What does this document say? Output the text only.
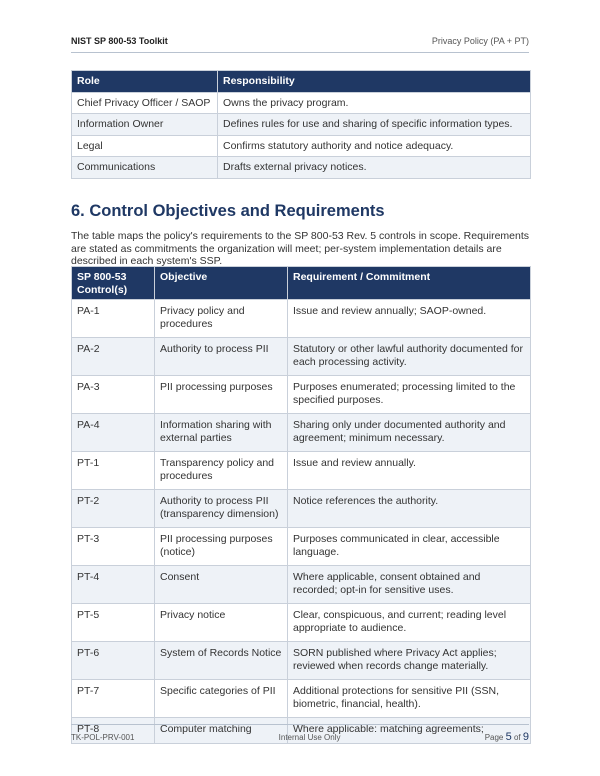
NIST SP 800-53 Toolkit	Privacy Policy (PA + PT)
Role	Responsibility
Chief Privacy Officer / SAOP	Owns the privacy program.
Information Owner	Defines rules for use and sharing of specific information types.
Legal	Confirms statutory authority and notice adequacy.
Communications	Drafts external privacy notices.
6. Control Objectives and Requirements

The table maps the policy's requirements to the SP 800-53 Rev. 5 controls in scope. Requirements are stated as commitments the organization will meet; per-system implementation details are described in each system's SSP.

SP 800-53 Control(s)	Objective	Requirement / Commitment
PA-1	Privacy policy and procedures	Issue and review annually; SAOP-owned.
PA-2	Authority to process PII	Statutory or other lawful authority documented for each processing activity.
PA-3	PII processing purposes	Purposes enumerated; processing limited to the specified purposes.
PA-4	Information sharing with external parties	Sharing only under documented authority and agreement; minimum necessary.
PT-1	Transparency policy and procedures	Issue and review annually.
PT-2	Authority to process PII (transparency dimension)	Notice references the authority.
PT-3	PII processing purposes (notice)	Purposes communicated in clear, accessible language.
PT-4	Consent	Where applicable, consent obtained and recorded; opt-in for sensitive uses.
PT-5	Privacy notice	Clear, conspicuous, and current; reading level appropriate to audience.
PT-6	System of Records Notice	SORN published where Privacy Act applies; reviewed when records change materially.
PT-7	Specific categories of PII	Additional protections for sensitive PII (SSN, biometric, financial, health).
PT-8	Computer matching	Where applicable: matching agreements;
TK-POL-PRV-001	Internal Use Only	Page 5 of 9
